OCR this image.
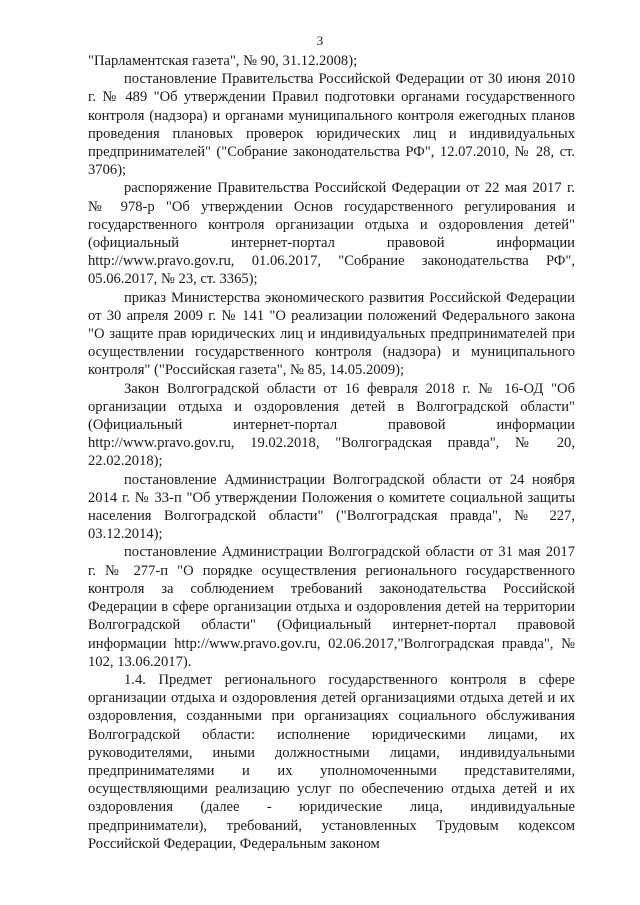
3

"Парламентская газета", № 90, 31.12.2008);

постановление Правительства Российской Федерации от 30 июня 2010 г. № 489 "Об утверждении Правил подготовки органами государственного контроля (надзора) и органами муниципального контроля ежегодных планов проведения плановых проверок юридических лиц и индивидуальных предпринимателей" ("Собрание законодательства РФ", 12.07.2010, № 28, ст. 3706);

распоряжение Правительства Российской Федерации от 22 мая 2017 г. № 978-р "Об утверждении Основ государственного регулирования и государственного контроля организации отдыха и оздоровления детей" (официальный интернет-портал правовой информации http://www.pravo.gov.ru, 01.06.2017, "Собрание законодательства РФ", 05.06.2017, № 23, ст. 3365);

приказ Министерства экономического развития Российской Федерации от 30 апреля 2009 г. № 141 "О реализации положений Федерального закона "О защите прав юридических лиц и индивидуальных предпринимателей при осуществлении государственного контроля (надзора) и муниципального контроля" ("Российская газета", № 85, 14.05.2009);

Закон Волгоградской области от 16 февраля 2018 г. № 16-ОД "Об организации отдыха и оздоровления детей в Волгоградской области" (Официальный интернет-портал правовой информации http://www.pravo.gov.ru, 19.02.2018, "Волгоградская правда", № 20, 22.02.2018);

постановление Администрации Волгоградской области от 24 ноября 2014 г. № 33-п "Об утверждении Положения о комитете социальной защиты населения Волгоградской области" ("Волгоградская правда", № 227, 03.12.2014);

постановление Администрации Волгоградской области от 31 мая 2017 г. № 277-п "О порядке осуществления регионального государственного контроля за соблюдением требований законодательства Российской Федерации в сфере организации отдыха и оздоровления детей на территории Волгоградской области" (Официальный интернет-портал правовой информации http://www.pravo.gov.ru, 02.06.2017,"Волгоградская правда", № 102, 13.06.2017).

1.4. Предмет регионального государственного контроля в сфере организации отдыха и оздоровления детей организациями отдыха детей и их оздоровления, созданными при организациях социального обслуживания Волгоградской области: исполнение юридическими лицами, их руководителями, иными должностными лицами, индивидуальными предпринимателями и их уполномоченными представителями, осуществляющими реализацию услуг по обеспечению отдыха детей и их оздоровления (далее - юридические лица, индивидуальные предприниматели), требований, установленных Трудовым кодексом Российской Федерации, Федеральным законом
